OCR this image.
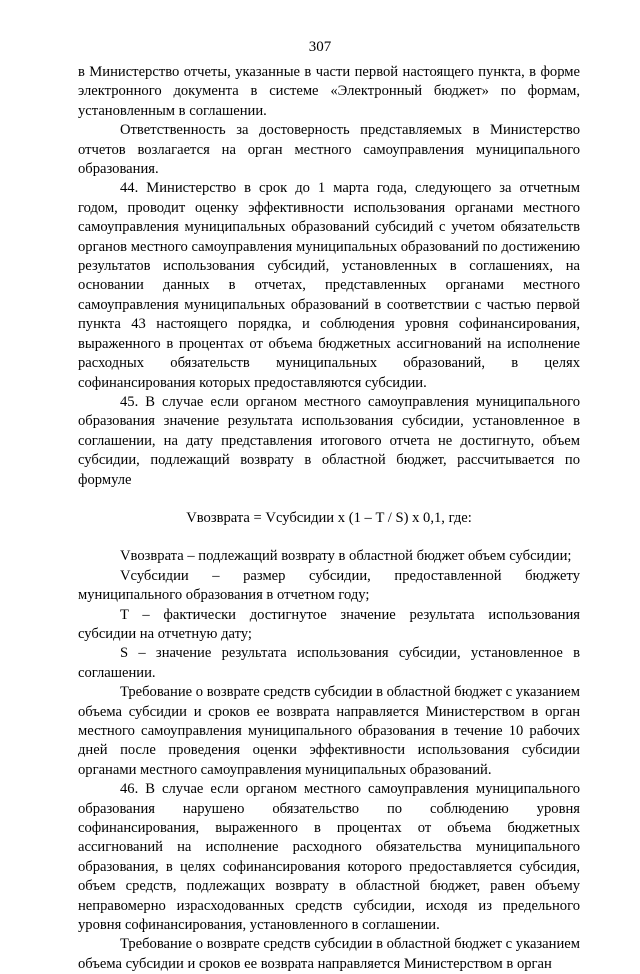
307

в Министерство отчеты, указанные в части первой настоящего пункта, в форме электронного документа в системе «Электронный бюджет» по формам, установленным в соглашении.

Ответственность за достоверность представляемых в Министерство отчетов возлагается на орган местного самоуправления муниципального образования.

44. Министерство в срок до 1 марта года, следующего за отчетным годом, проводит оценку эффективности использования органами местного самоуправления муниципальных образований субсидий с учетом обязательств органов местного самоуправления муниципальных образований по достижению результатов использования субсидий, установленных в соглашениях, на основании данных в отчетах, представленных органами местного самоуправления муниципальных образований в соответствии с частью первой пункта 43 настоящего порядка, и соблюдения уровня софинансирования, выраженного в процентах от объема бюджетных ассигнований на исполнение расходных обязательств муниципальных образований, в целях софинансирования которых предоставляются субсидии.

45. В случае если органом местного самоуправления муниципального образования значение результата использования субсидии, установленное в соглашении, на дату представления итогового отчета не достигнуто, объем субсидии, подлежащий возврату в областной бюджет, рассчитывается по формуле

Vвозврата = Vсубсидии х (1 – T / S) х 0,1, где:

Vвозврата – подлежащий возврату в областной бюджет объем субсидии;

Vсубсидии – размер субсидии, предоставленной бюджету муниципального образования в отчетном году;

T – фактически достигнутое значение результата использования субсидии на отчетную дату;

S – значение результата использования субсидии, установленное в соглашении.

Требование о возврате средств субсидии в областной бюджет с указанием объема субсидии и сроков ее возврата направляется Министерством в орган местного самоуправления муниципального образования в течение 10 рабочих дней после проведения оценки эффективности использования субсидии органами местного самоуправления муниципальных образований.

46. В случае если органом местного самоуправления муниципального образования нарушено обязательство по соблюдению уровня софинансирования, выраженного в процентах от объема бюджетных ассигнований на исполнение расходного обязательства муниципального образования, в целях софинансирования которого предоставляется субсидия, объем средств, подлежащих возврату в областной бюджет, равен объему неправомерно израсходованных средств субсидии, исходя из предельного уровня софинансирования, установленного в соглашении.

Требование о возврате средств субсидии в областной бюджет с указанием объема субсидии и сроков ее возврата направляется Министерством в орган
